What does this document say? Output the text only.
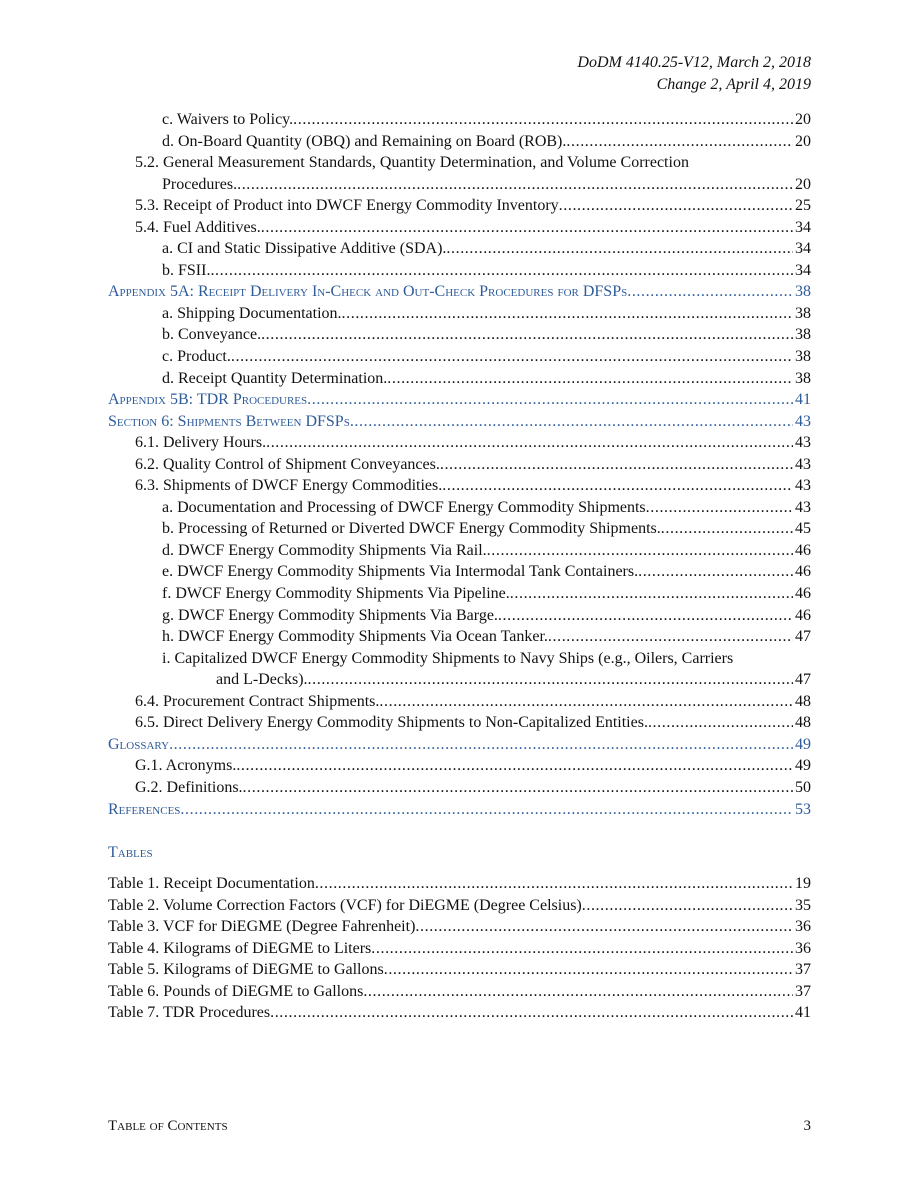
DoDM 4140.25-V12, March 2, 2018
Change 2, April 4, 2019
c. Waivers to Policy. .....	20
d. On-Board Quantity (OBQ) and Remaining on Board (ROB). .....	20
5.2. General Measurement Standards, Quantity Determination, and Volume Correction
Procedures. .....	20
5.3. Receipt of Product into DWCF Energy Commodity Inventory .....	25
5.4. Fuel Additives. .....	34
a. CI and Static Dissipative Additive (SDA). .....	34
b. FSII. .....	34
Appendix 5A: Receipt Delivery In-Check and Out-Check Procedures for DFSPs .....	38
a. Shipping Documentation. .....	38
b. Conveyance. .....	38
c. Product. .....	38
d. Receipt Quantity Determination. .....	38
Appendix 5B: TDR Procedures .....	41
Section 6: Shipments Between DFSPs .....	43
6.1. Delivery Hours. .....	43
6.2. Quality Control of Shipment Conveyances. .....	43
6.3. Shipments of DWCF Energy Commodities. .....	43
a. Documentation and Processing of DWCF Energy Commodity Shipments .....	43
b. Processing of Returned or Diverted DWCF Energy Commodity Shipments. .....	45
d. DWCF Energy Commodity Shipments Via Rail. .....	46
e. DWCF Energy Commodity Shipments Via Intermodal Tank Containers. .....	46
f. DWCF Energy Commodity Shipments Via Pipeline. .....	46
g. DWCF Energy Commodity Shipments Via Barge. .....	46
h. DWCF Energy Commodity Shipments Via Ocean Tanker. .....	47
i. Capitalized DWCF Energy Commodity Shipments to Navy Ships (e.g., Oilers, Carriers
and L-Decks). .....	47
6.4. Procurement Contract Shipments. .....	48
6.5. Direct Delivery Energy Commodity Shipments to Non-Capitalized Entities. .....	48
Glossary .....	49
G.1. Acronyms. .....	49
G.2. Definitions. .....	50
References .....	53
Tables
Table 1. Receipt Documentation .....	19
Table 2. Volume Correction Factors (VCF) for DiEGME (Degree Celsius) .....	35
Table 3. VCF for DiEGME (Degree Fahrenheit) .....	36
Table 4. Kilograms of DiEGME to Liters .....	36
Table 5. Kilograms of DiEGME to Gallons .....	37
Table 6. Pounds of DiEGME to Gallons .....	37
Table 7. TDR Procedures .....	41
Table of Contents	3
